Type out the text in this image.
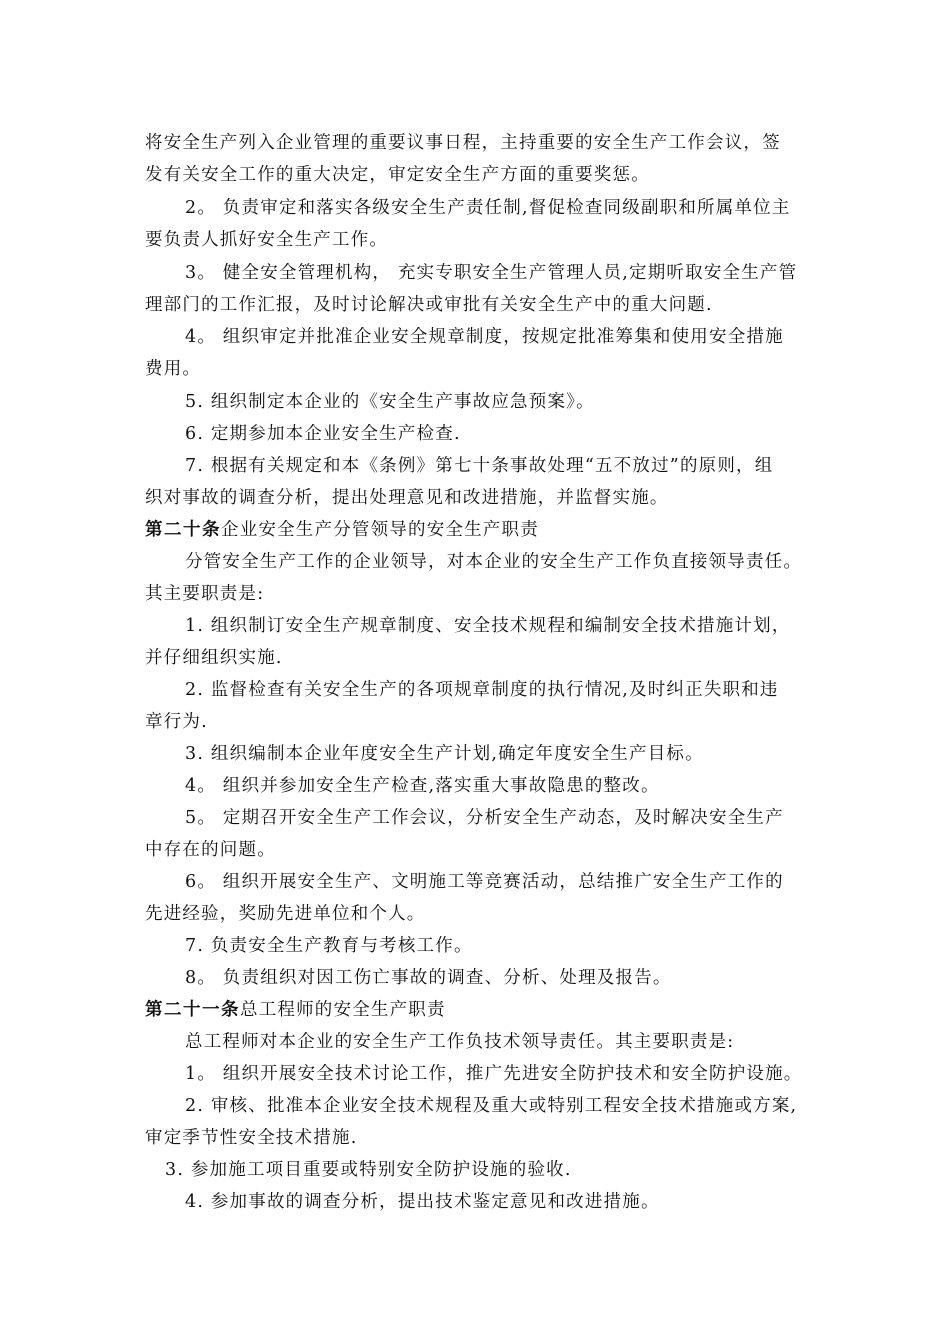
将安全生产列入企业管理的重要议事日程，主持重要的安全生产工作会议，签
发有关安全工作的重大决定，审定安全生产方面的重要奖惩。
2。 负责审定和落实各级安全生产责任制,督促检查同级副职和所属单位主
要负责人抓好安全生产工作。
3。 健全安全管理机构， 充实专职安全生产管理人员,定期听取安全生产管
理部门的工作汇报，及时讨论解决或审批有关安全生产中的重大问题.
4。 组织审定并批准企业安全规章制度，按规定批准筹集和使用安全措施
费用。
5. 组织制定本企业的《安全生产事故应急预案》。
6. 定期参加本企业安全生产检查.
7. 根据有关规定和本《条例》第七十条事故处理“五不放过”的原则，组
织对事故的调查分析，提出处理意见和改进措施，并监督实施。
第二十条企业安全生产分管领导的安全生产职责
分管安全生产工作的企业领导，对本企业的安全生产工作负直接领导责任。
其主要职责是:
1. 组织制订安全生产规章制度、安全技术规程和编制安全技术措施计划，
并仔细组织实施.
2. 监督检查有关安全生产的各项规章制度的执行情况,及时纠正失职和违
章行为.
3. 组织编制本企业年度安全生产计划,确定年度安全生产目标。
4。 组织并参加安全生产检查,落实重大事故隐患的整改。
5。 定期召开安全生产工作会议，分析安全生产动态，及时解决安全生产
中存在的问题。
6。 组织开展安全生产、文明施工等竞赛活动，总结推广安全生产工作的
先进经验，奖励先进单位和个人。
7. 负责安全生产教育与考核工作。
8。 负责组织对因工伤亡事故的调查、分析、处理及报告。
第二十一条总工程师的安全生产职责
总工程师对本企业的安全生产工作负技术领导责任。其主要职责是:
1。 组织开展安全技术讨论工作，推广先进安全防护技术和安全防护设施。
2. 审核、批准本企业安全技术规程及重大或特别工程安全技术措施或方案,
审定季节性安全技术措施.
3. 参加施工项目重要或特别安全防护设施的验收.
4. 参加事故的调查分析，提出技术鉴定意见和改进措施。
